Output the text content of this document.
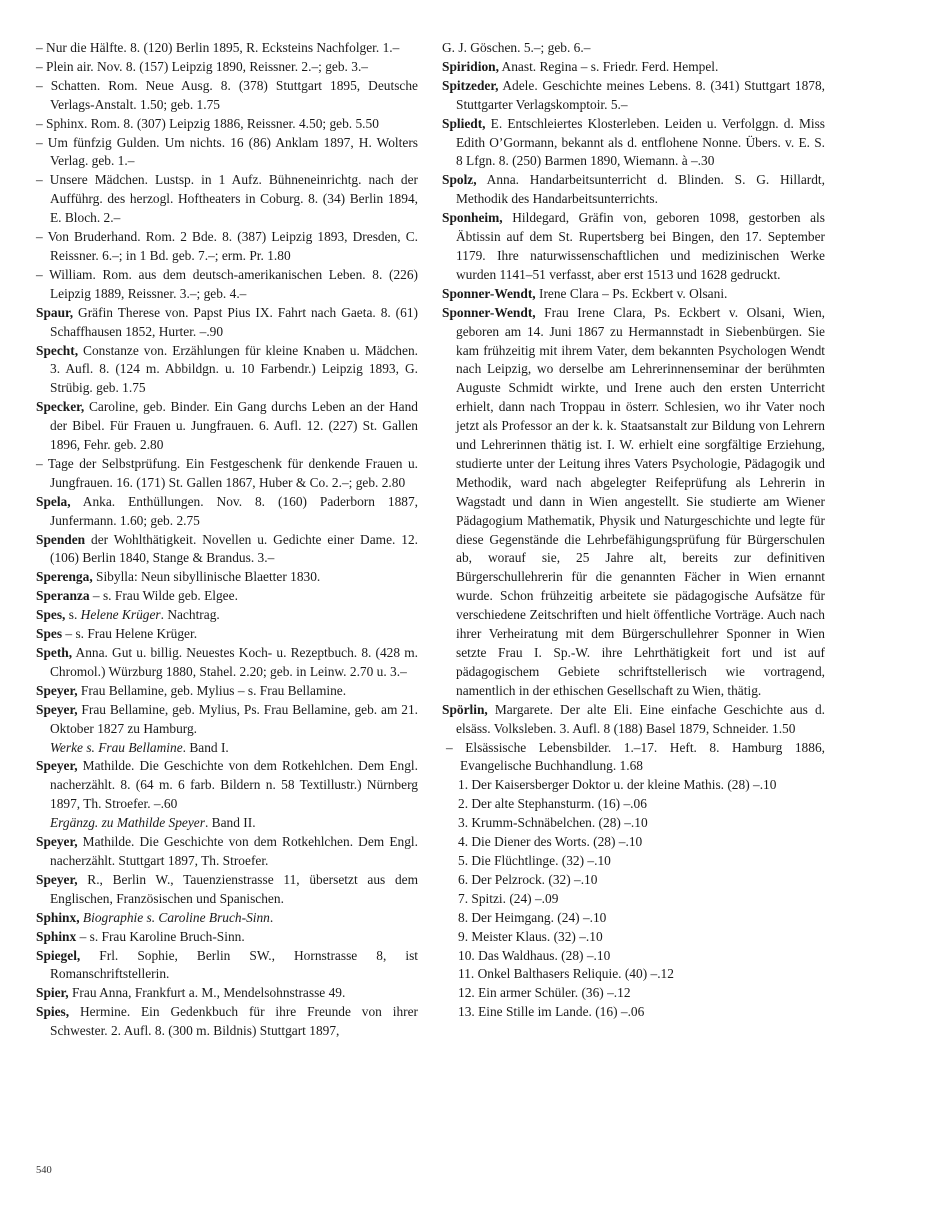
– Nur die Hälfte. 8. (120) Berlin 1895, R. Ecksteins Nachfolger. 1.–
– Plein air. Nov. 8. (157) Leipzig 1890, Reissner. 2.–; geb. 3.–
– Schatten. Rom. Neue Ausg. 8. (378) Stuttgart 1895, Deutsche Verlags-Anstalt. 1.50; geb. 1.75
– Sphinx. Rom. 8. (307) Leipzig 1886, Reissner. 4.50; geb. 5.50
– Um fünfzig Gulden. Um nichts. 16 (86) Anklam 1897, H. Wolters Verlag. geb. 1.–
– Unsere Mädchen. Lustsp. in 1 Aufz. Bühneneinrichtg. nach der Aufführg. des herzogl. Hoftheaters in Coburg. 8. (34) Berlin 1894, E. Bloch. 2.–
– Von Bruderhand. Rom. 2 Bde. 8. (387) Leipzig 1893, Dresden, C. Reissner. 6.–; in 1 Bd. geb. 7.–; erm. Pr. 1.80
– William. Rom. aus dem deutsch-amerikanischen Leben. 8. (226) Leipzig 1889, Reissner. 3.–; geb. 4.–
Spaur, Gräfin Therese von. Papst Pius IX. Fahrt nach Gaeta. 8. (61) Schaffhausen 1852, Hurter. –.90
Specht, Constanze von. Erzählungen für kleine Knaben u. Mädchen. 3. Aufl. 8. (124 m. Abbildgn. u. 10 Farbendr.) Leipzig 1893, G. Strübig. geb. 1.75
Specker, Caroline, geb. Binder. Ein Gang durchs Leben an der Hand der Bibel. Für Frauen u. Jungfrauen. 6. Aufl. 12. (227) St. Gallen 1896, Fehr. geb. 2.80
– Tage der Selbstprüfung. Ein Festgeschenk für denkende Frauen u. Jungfrauen. 16. (171) St. Gallen 1867, Huber & Co. 2.–; geb. 2.80
Spela, Anka. Enthüllungen. Nov. 8. (160) Paderborn 1887, Junfermann. 1.60; geb. 2.75
Spenden der Wohlthätigkeit. Novellen u. Gedichte einer Dame. 12. (106) Berlin 1840, Stange & Brandus. 3.–
Sperenga, Sibylla: Neun sibyllinische Blaetter 1830.
Speranza – s. Frau Wilde geb. Elgee.
Spes, s. Helene Krüger. Nachtrag.
Spes – s. Frau Helene Krüger.
Speth, Anna. Gut u. billig. Neuestes Koch- u. Rezeptbuch. 8. (428 m. Chromol.) Würzburg 1880, Stahel. 2.20; geb. in Leinw. 2.70 u. 3.–
Speyer, Frau Bellamine, geb. Mylius – s. Frau Bellamine.
Speyer, Frau Bellamine, geb. Mylius, Ps. Frau Bellamine, geb. am 21. Oktober 1827 zu Hamburg.
Werke s. Frau Bellamine. Band I.
Speyer, Mathilde. Die Geschichte von dem Rotkehlchen. Dem Engl. nacherzählt. 8. (64 m. 6 farb. Bildern n. 58 Textillustr.) Nürnberg 1897, Th. Stroefer. –.60
Ergänzg. zu Mathilde Speyer. Band II.
Speyer, Mathilde. Die Geschichte von dem Rotkehlchen. Dem Engl. nacherzählt. Stuttgart 1897, Th. Stroefer.
Speyer, R., Berlin W., Tauenzienstrasse 11, übersetzt aus dem Englischen, Französischen und Spanischen.
Sphinx, Biographie s. Caroline Bruch-Sinn.
Sphinx – s. Frau Karoline Bruch-Sinn.
Spiegel, Frl. Sophie, Berlin SW., Hornstrasse 8, ist Romanschriftstellerin.
Spier, Frau Anna, Frankfurt a. M., Mendelsohnstrasse 49.
Spies, Hermine. Ein Gedenkbuch für ihre Freunde von ihrer Schwester. 2. Aufl. 8. (300 m. Bildnis) Stuttgart 1897,
G. J. Göschen. 5.–; geb. 6.–
Spiridion, Anast. Regina – s. Friedr. Ferd. Hempel.
Spitzeder, Adele. Geschichte meines Lebens. 8. (341) Stuttgart 1878, Stuttgarter Verlagskomptoir. 5.–
Spliedt, E. Entschleiertes Klosterleben. Leiden u. Verfolggn. d. Miss Edith O’Gormann, bekannt als d. entflohene Nonne. Übers. v. E. S. 8 Lfgn. 8. (250) Barmen 1890, Wiemann. à –.30
Spolz, Anna. Handarbeitsunterricht d. Blinden. S. G. Hillardt, Methodik des Handarbeitsunterrichts.
Sponheim, Hildegard, Gräfin von, geboren 1098, gestorben als Äbtissin auf dem St. Rupertsberg bei Bingen, den 17. September 1179. Ihre naturwissenschaftlichen und medizinischen Werke wurden 1141–51 verfasst, aber erst 1513 und 1628 gedruckt.
Sponner-Wendt, Irene Clara – Ps. Eckbert v. Olsani.
Sponner-Wendt, Frau Irene Clara, Ps. Eckbert v. Olsani, Wien, geboren am 14. Juni 1867 zu Hermannstadt in Siebenbürgen. Sie kam frühzeitig mit ihrem Vater, dem bekannten Psychologen Wendt nach Leipzig, wo derselbe am Lehrerinnenseminar der berühmten Auguste Schmidt wirkte, und Irene auch den ersten Unterricht erhielt, dann nach Troppau in österr. Schlesien, wo ihr Vater noch jetzt als Professor an der k. k. Staatsanstalt zur Bildung von Lehrern und Lehrerinnen thätig ist. I. W. erhielt eine sorgfältige Erziehung, studierte unter der Leitung ihres Vaters Psychologie, Pädagogik und Methodik, ward nach abgelegter Reifeprüfung als Lehrerin in Wagstadt und dann in Wien angestellt. Sie studierte am Wiener Pädagogium Mathematik, Physik und Naturgeschichte und legte für diese Gegenstände die Lehrbefähigungsprüfung für Bürgerschulen ab, worauf sie, 25 Jahre alt, bereits zur definitiven Bürgerschullehrerin für die genannten Fächer in Wien ernannt wurde. Schon frühzeitig arbeitete sie pädagogische Aufsätze für verschiedene Zeitschriften und hielt öffentliche Vorträge. Auch nach ihrer Verheiratung mit dem Bürgerschullehrer Sponner in Wien setzte Frau I. Sp.-W. ihre Lehrthätigkeit fort und ist auf pädagogischem Gebiete schriftstellerisch wie vortragend, namentlich in der ethischen Gesellschaft zu Wien, thätig.
Spörlin, Margarete. Der alte Eli. Eine einfache Geschichte aus d. elsäss. Volksleben. 3. Aufl. 8 (188) Basel 1879, Schneider. 1.50
– Elsässische Lebensbilder. 1.–17. Heft. 8. Hamburg 1886, Evangelische Buchhandlung. 1.68
1. Der Kaisersberger Doktor u. der kleine Mathis. (28) –.10
2. Der alte Stephansturm. (16) –.06
3. Krumm-Schnäbelchen. (28) –.10
4. Die Diener des Worts. (28) –.10
5. Die Flüchtlinge. (32) –.10
6. Der Pelzrock. (32) –.10
7. Spitzi. (24) –.09
8. Der Heimgang. (24) –.10
9. Meister Klaus. (32) –.10
10. Das Waldhaus. (28) –.10
11. Onkel Balthasers Reliquie. (40) –.12
12. Ein armer Schüler. (36) –.12
13. Eine Stille im Lande. (16) –.06
540
